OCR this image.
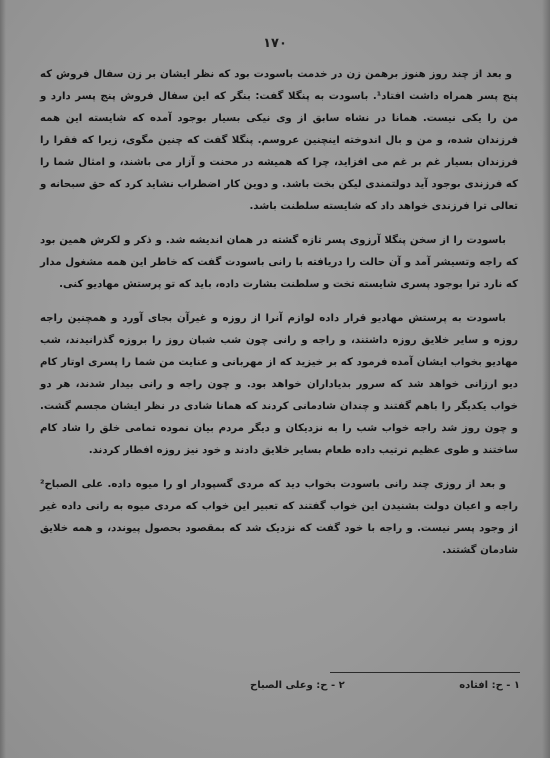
۱۷۰

و بعد از چند روز هنوز برهمن زن در خدمت باسودت بود که نظر ایشان بر زن سفال فروش که پنج پسر همراه داشت افتاد¹. باسودت به پنگلا گفت: بنگر که این سفال فروش پنج پسر دارد و من را یکی نیست. همانا در نشاه سابق از وی نیکی بسیار بوجود آمده که شایسته این همه فرزندان شده، و من و بال اندوخته اینچنین عروسم. پنگلا گفت که چنین مگوی، زیرا که فقرا را فرزندان بسیار غم بر غم می افزاید، چرا که همیشه در محنت و آزار می باشند، و امثال شما را که فرزندی بوجود آید دولتمندی لیکن بخت باشد. و دوین کار اضطراب نشاید کرد که حق سبحانه و تعالی ترا فرزندی خواهد داد که شایسته سلطنت باشد.

باسودت را از سخن پنگلا آرزوی پسر تازه گشته در همان اندیشه شد. و ذکر و لکرش همین بود که راجه وتسیشر آمد و آن حالت را دریافته با رانی باسودت گفت که خاطر این همه مشغول مدار که نارد ترا بوجود پسری شایسته تخت و سلطنت بشارت داده، باید که تو پرستش مهادیو کنی.

باسودت به پرستش مهادیو قرار داده لوازم آنرا از روزه و غیرآن بجای آورد و همچنین راجه روزه و سایر خلایق روزه داشتند، و راجه و رانی چون شب شبان روز را بروزه گذرانیدند، شب مهادیو بخواب ایشان آمده فرمود که بر خیزید که از مهربانی و عنایت من شما را پسری اوتار کام دیو ارزانی خواهد شد که سرور بدیاداران خواهد بود. و چون راجه و رانی بیدار شدند، هر دو خواب یکدیگر را باهم گفتند و چندان شادمانی کردند که همانا شادی در نظر ایشان مجسم گشت. و چون روز شد راجه خواب شب را به نزدیکان و دیگر مردم بیان نموده تمامی خلق را شاد کام ساختند و طوی عظیم ترتیب داده طعام بسایر خلایق دادند و خود نیز روزه افطار کردند.

و بعد از روزی چند رانی باسودت بخواب دید که مردی گسپودار او را میوه داده. علی الصباح² راجه و اعیان دولت بشنیدن این خواب گفتند که تعبیر این خواب که مردی میوه به رانی داده غیر از وجود پسر نیست. و راجه با خود گفت که نزدیک شد که بمقصود بحصول پیوندد، و همه خلایق شادمان گشتند.

۱ - ح: افتاده
۲ - ح: وعلی الصباح
